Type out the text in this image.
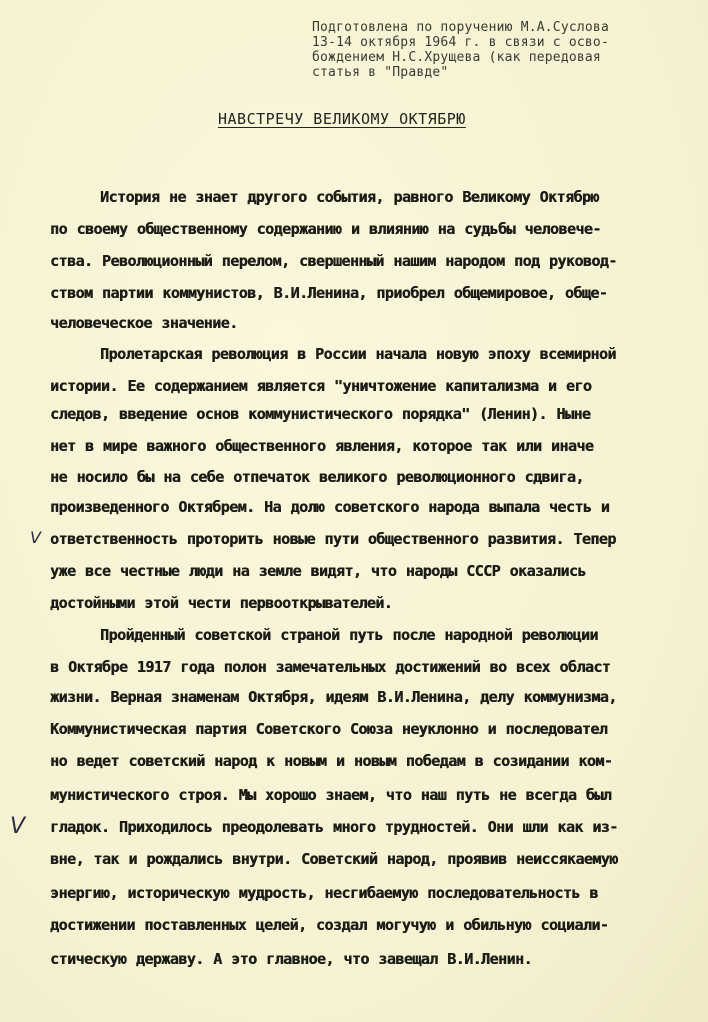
Подготовлена по поручению М.А.Суслова
13-14 октября 1964 г. в связи с осво-
бождением Н.С.Хрущева (как передовая
статья в "Правде"
НАВСТРЕЧУ ВЕЛИКОМУ ОКТЯБРЮ
История не знает другого события, равного Великому Октябрю
по своему общественному содержанию и влиянию на судьбы человече-
ства. Революционный перелом, свершенный нашим народом под руковод-
ством партии коммунистов, В.И.Ленина, приобрел общемировое, обще-
человеческое значение.
Пролетарская революция в России начала новую эпоху всемирной
истории. Ее содержанием является "уничтожение капитализма и его
следов, введение основ коммунистического порядка" (Ленин). Ныне
нет в мире важного общественного явления, которое так или иначе
не носило бы на себе отпечаток великого революционного сдвига,
произведенного Октябрем. На долю советского народа выпала честь и
ответственность проторить новые пути общественного развития. Тепер
уже все честные люди на земле видят, что народы СССР оказались
достойными этой чести первооткрывателей.
Пройденный советской страной путь после народной революции
в Октябре 1917 года полон замечательных достижений во всех област
жизни. Верная знаменам Октября, идеям В.И.Ленина, делу коммунизма,
Коммунистическая партия Советского Союза неуклонно и последовател
но ведет советский народ к новым и новым победам в созидании ком-
мунистического строя. Мы хорошо знаем, что наш путь не всегда был
гладок. Приходилось преодолевать много трудностей. Они шли как из-
вне, так и рождались внутри. Советский народ, проявив неиссякаемую
энергию, историческую мудрость, несгибаемую последовательность в
достижении поставленных целей, создал могучую и обильную социали-
стическую державу. А это главное, что завещал В.И.Ленин.
V
V
